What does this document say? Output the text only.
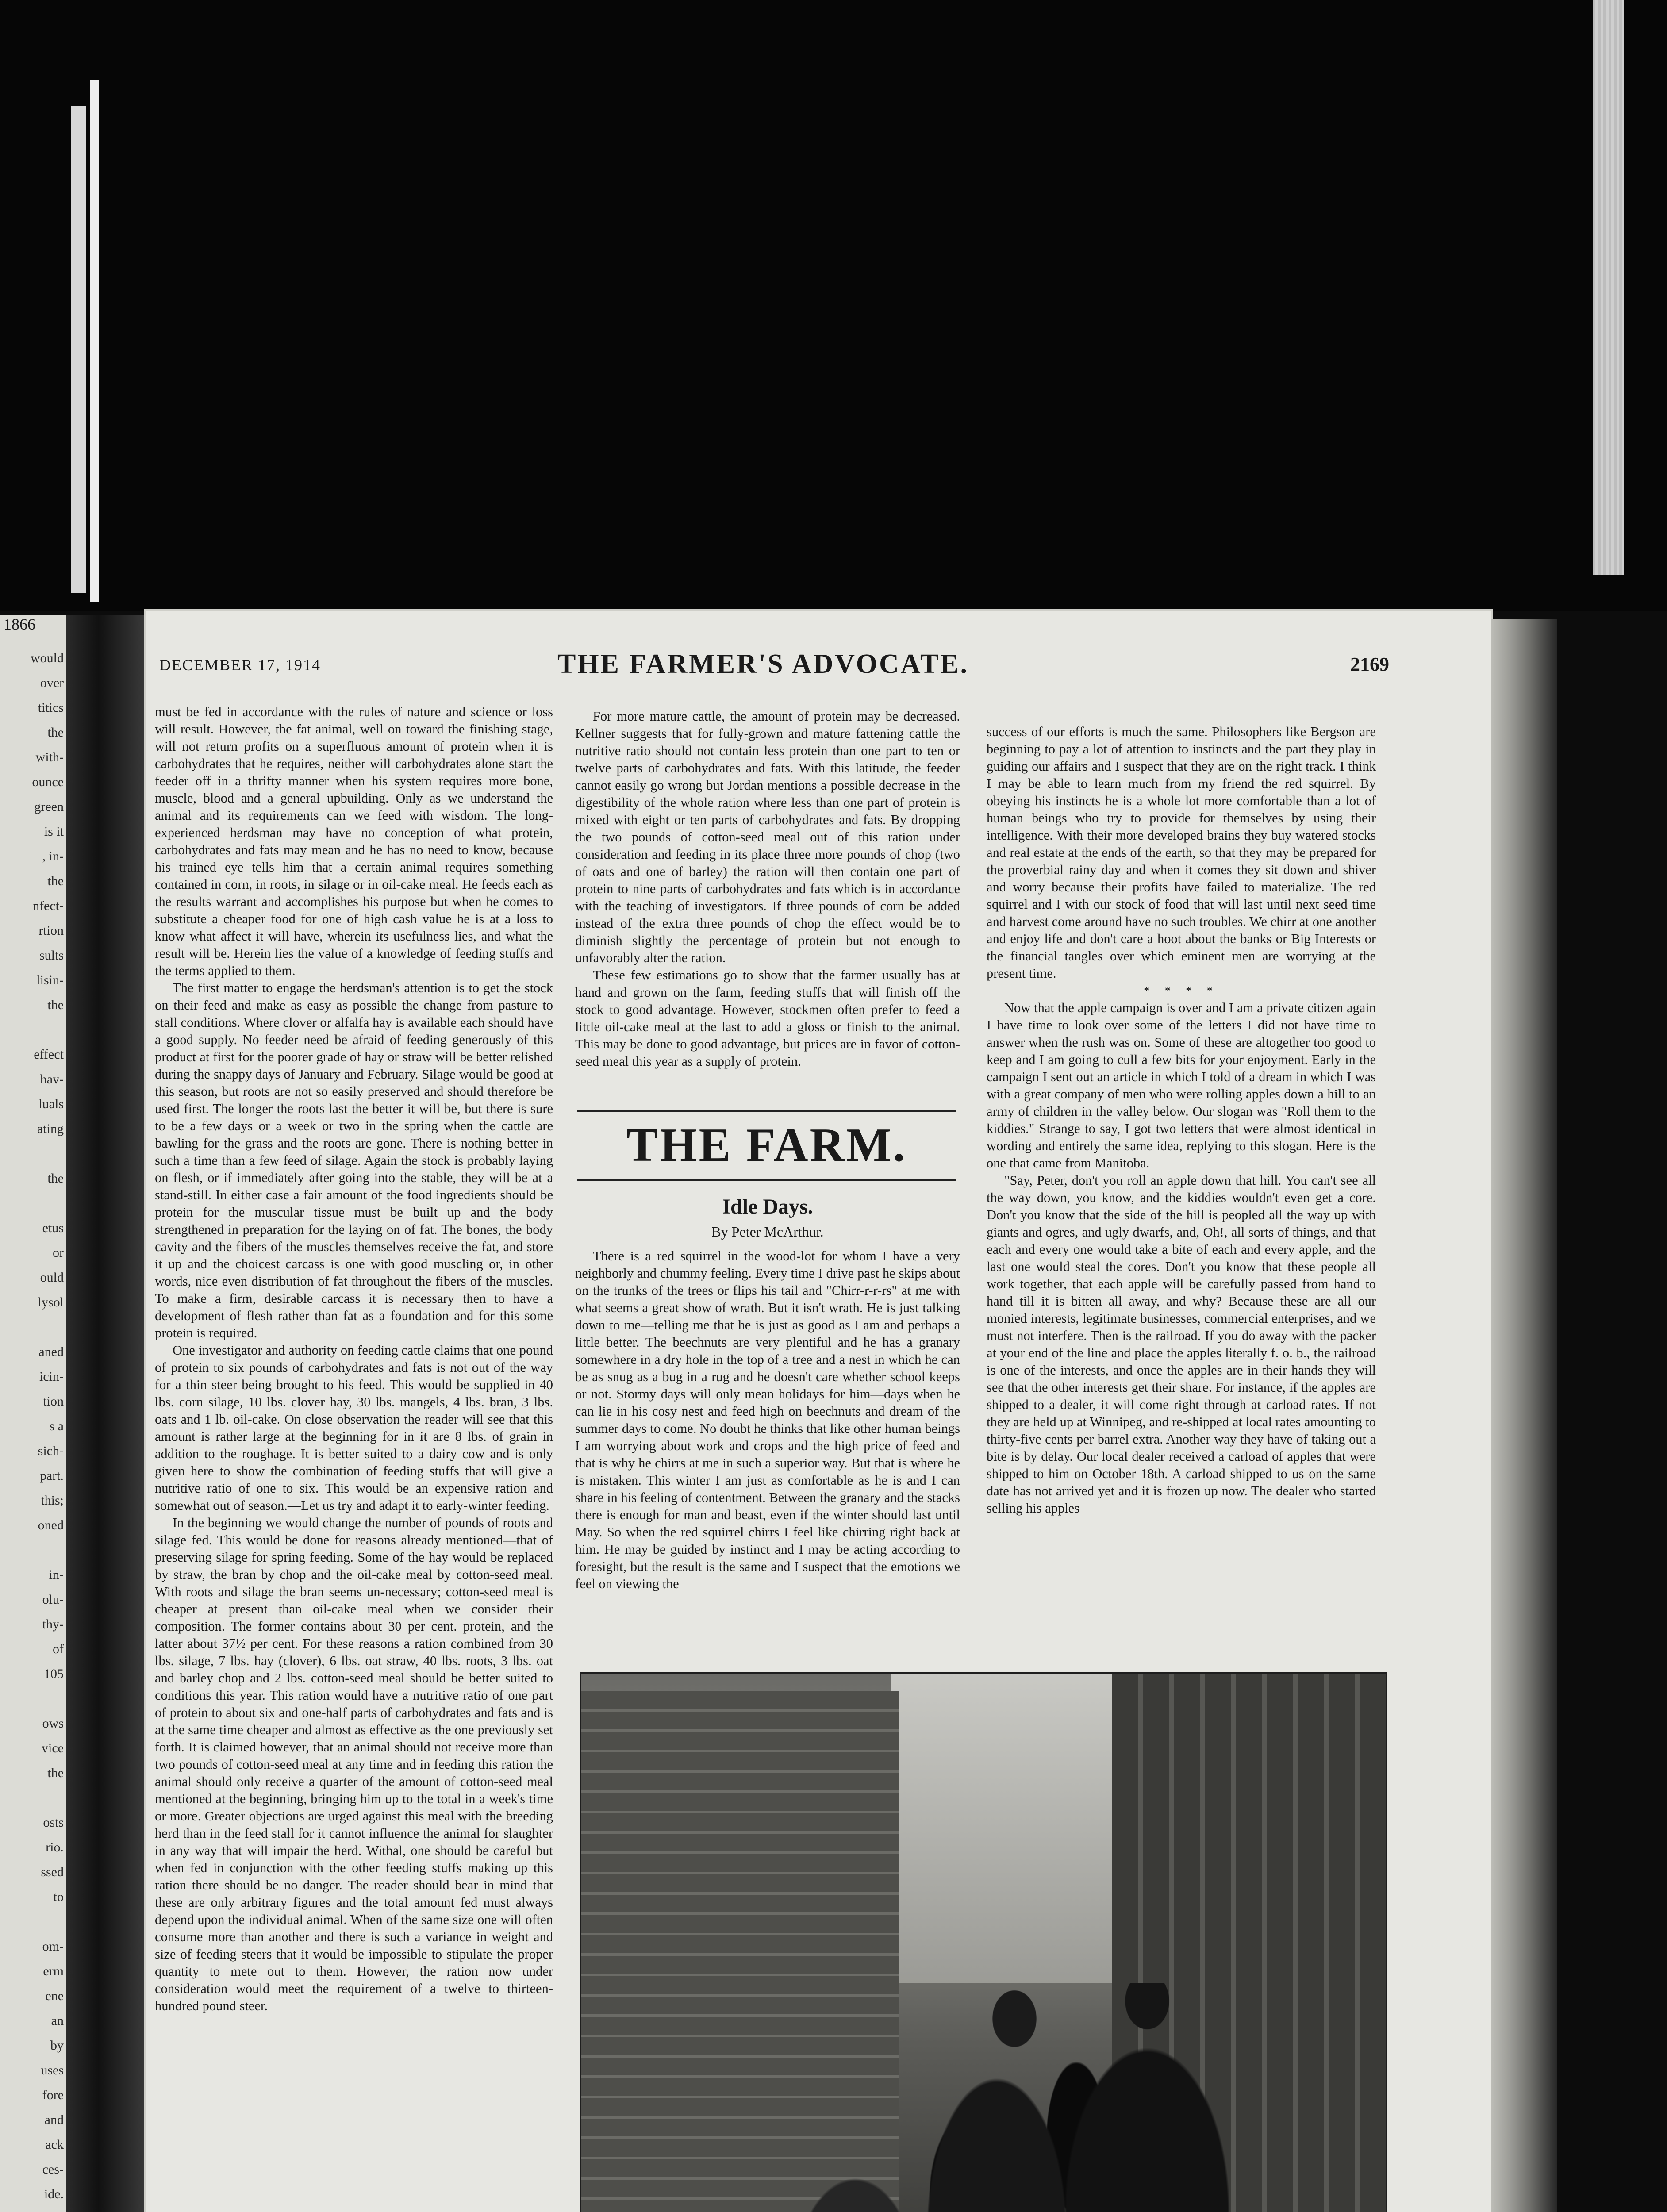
1866
would
over
titics
the
with-
ounce
green
is it
, in-
the
nfect-
rtion
sults
lisin-
the

effect
hav-
luals
ating

the

etus
or
ould
lysol

aned
icin-
tion
s a
sich-
part.
this;
oned

in-
olu-
thy-
of
105

ows
vice
the

osts
rio.
ssed
to

om-
erm
ene
an
by
uses
fore
and
ack
ces-
ide.

DECEMBER 17, 1914	THE FARMER'S ADVOCATE.	2169

must be fed in accordance with the rules of nature and science or loss will result. However, the fat animal, well on toward the finishing stage, will not return profits on a superfluous amount of protein when it is carbohydrates that he requires, neither will carbohydrates alone start the feeder off in a thrifty manner when his system requires more bone, muscle, blood and a general upbuilding. Only as we understand the animal and its requirements can we feed with wisdom. The long-experienced herdsman may have no conception of what protein, carbohydrates and fats may mean and he has no need to know, because his trained eye tells him that a certain animal requires something contained in corn, in roots, in silage or in oil-cake meal. He feeds each as the results warrant and accomplishes his purpose but when he comes to substitute a cheaper food for one of high cash value he is at a loss to know what affect it will have, wherein its usefulness lies, and what the result will be. Herein lies the value of a knowledge of feeding stuffs and the terms applied to them.

The first matter to engage the herdsman's attention is to get the stock on their feed and make as easy as possible the change from pasture to stall conditions. Where clover or alfalfa hay is available each should have a good supply. No feeder need be afraid of feeding generously of this product at first for the poorer grade of hay or straw will be better relished during the snappy days of January and February. Silage would be good at this season, but roots are not so easily preserved and should therefore be used first. The longer the roots last the better it will be, but there is sure to be a few days or a week or two in the spring when the cattle are bawling for the grass and the roots are gone. There is nothing better in such a time than a few feed of silage. Again the stock is probably laying on flesh, or if immediately after going into the stable, they will be at a stand-still. In either case a fair amount of the food ingredients should be protein for the muscular tissue must be built up and the body strengthened in preparation for the laying on of fat. The bones, the body cavity and the fibers of the muscles themselves receive the fat, and store it up and the choicest carcass is one with good muscling or, in other words, nice even distribution of fat throughout the fibers of the muscles. To make a firm, desirable carcass it is necessary then to have a development of flesh rather than fat as a foundation and for this some protein is required.

One investigator and authority on feeding cattle claims that one pound of protein to six pounds of carbohydrates and fats is not out of the way for a thin steer being brought to his feed. This would be supplied in 40 lbs. corn silage, 10 lbs. clover hay, 30 lbs. mangels, 4 lbs. bran, 3 lbs. oats and 1 lb. oil-cake. On close observation the reader will see that this amount is rather large at the beginning for in it are 8 lbs. of grain in addition to the roughage. It is better suited to a dairy cow and is only given here to show the combination of feeding stuffs that will give a nutritive ratio of one to six. This would be an expensive ration and somewhat out of season.—Let us try and adapt it to early-winter feeding.

In the beginning we would change the number of pounds of roots and silage fed. This would be done for reasons already mentioned—that of preserving silage for spring feeding. Some of the hay would be replaced by straw, the bran by chop and the oil-cake meal by cotton-seed meal. With roots and silage the bran seems un-necessary; cotton-seed meal is cheaper at present than oil-cake meal when we consider their composition. The former contains about 30 per cent. protein, and the latter about 37½ per cent. For these reasons a ration combined from 30 lbs. silage, 7 lbs. hay (clover), 6 lbs. oat straw, 40 lbs. roots, 3 lbs. oat and barley chop and 2 lbs. cotton-seed meal should be better suited to conditions this year. This ration would have a nutritive ratio of one part of protein to about six and one-half parts of carbohydrates and fats and is at the same time cheaper and almost as effective as the one previously set forth. It is claimed however, that an animal should not receive more than two pounds of cotton-seed meal at any time and in feeding this ration the animal should only receive a quarter of the amount of cotton-seed meal mentioned at the beginning, bringing him up to the total in a week's time or more. Greater objections are urged against this meal with the breeding herd than in the feed stall for it cannot influence the animal for slaughter in any way that will impair the herd. Withal, one should be careful but when fed in conjunction with the other feeding stuffs making up this ration there should be no danger. The reader should bear in mind that these are only arbitrary figures and the total amount fed must always depend upon the individual animal. When of the same size one will often consume more than another and there is such a variance in weight and size of feeding steers that it would be impossible to stipulate the proper quantity to mete out to them. However, the ration now under consideration would meet the requirement of a twelve to thirteen-hundred pound steer.

For more mature cattle, the amount of protein may be decreased. Kellner suggests that for fully-grown and mature fattening cattle the nutritive ratio should not contain less protein than one part to ten or twelve parts of carbohydrates and fats. With this latitude, the feeder cannot easily go wrong but Jordan mentions a possible decrease in the digestibility of the whole ration where less than one part of protein is mixed with eight or ten parts of carbohydrates and fats. By dropping the two pounds of cotton-seed meal out of this ration under consideration and feeding in its place three more pounds of chop (two of oats and one of barley) the ration will then contain one part of protein to nine parts of carbohydrates and fats which is in accordance with the teaching of investigators. If three pounds of corn be added instead of the extra three pounds of chop the effect would be to diminish slightly the percentage of protein but not enough to unfavorably alter the ration.

These few estimations go to show that the farmer usually has at hand and grown on the farm, feeding stuffs that will finish off the stock to good advantage. However, stockmen often prefer to feed a little oil-cake meal at the last to add a gloss or finish to the animal. This may be done to good advantage, but prices are in favor of cotton-seed meal this year as a supply of protein.

THE FARM.
Idle Days.
By Peter McArthur.

There is a red squirrel in the wood-lot for whom I have a very neighborly and chummy feeling. Every time I drive past he skips about on the trunks of the trees or flips his tail and "Chirr-r-r-rs" at me with what seems a great show of wrath. But it isn't wrath. He is just talking down to me—telling me that he is just as good as I am and perhaps a little better. The beechnuts are very plentiful and he has a granary somewhere in a dry hole in the top of a tree and a nest in which he can be as snug as a bug in a rug and he doesn't care whether school keeps or not. Stormy days will only mean holidays for him—days when he can lie in his cosy nest and feed high on beechnuts and dream of the summer days to come. No doubt he thinks that like other human beings I am worrying about work and crops and the high price of feed and that is why he chirrs at me in such a superior way. But that is where he is mistaken. This winter I am just as comfortable as he is and I can share in his feeling of contentment. Between the granary and the stacks there is enough for man and beast, even if the winter should last until May. So when the red squirrel chirrs I feel like chirring right back at him. He may be guided by instinct and I may be acting according to foresight, but the result is the same and I suspect that the emotions we feel on viewing the

success of our efforts is much the same. Philosophers like Bergson are beginning to pay a lot of attention to instincts and the part they play in guiding our affairs and I suspect that they are on the right track. I think I may be able to learn much from my friend the red squirrel. By obeying his instincts he is a whole lot more comfortable than a lot of human beings who try to provide for themselves by using their intelligence. With their more developed brains they buy watered stocks and real estate at the ends of the earth, so that they may be prepared for the proverbial rainy day and when it comes they sit down and shiver and worry because their profits have failed to materialize. The red squirrel and I with our stock of food that will last until next seed time and harvest come around have no such troubles. We chirr at one another and enjoy life and don't care a hoot about the banks or Big Interests or the financial tangles over which eminent men are worrying at the present time.

* * * *

Now that the apple campaign is over and I am a private citizen again I have time to look over some of the letters I did not have time to answer when the rush was on. Some of these are altogether too good to keep and I am going to cull a few bits for your enjoyment. Early in the campaign I sent out an article in which I told of a dream in which I was with a great company of men who were rolling apples down a hill to an army of children in the valley below. Our slogan was "Roll them to the kiddies." Strange to say, I got two letters that were almost identical in wording and entirely the same idea, replying to this slogan. Here is the one that came from Manitoba.

"Say, Peter, don't you roll an apple down that hill. You can't see all the way down, you know, and the kiddies wouldn't even get a core. Don't you know that the side of the hill is peopled all the way up with giants and ogres, and ugly dwarfs, and, Oh!, all sorts of things, and that each and every one would take a bite of each and every apple, and the last one would steal the cores. Don't you know that these people all work together, that each apple will be carefully passed from hand to hand till it is bitten all away, and why? Because these are all our monied interests, legitimate businesses, commercial enterprises, and we must not interfere. Then is the railroad. If you do away with the packer at your end of the line and place the apples literally f. o. b., the railroad is one of the interests, and once the apples are in their hands they will see that the other interests get their share. For instance, if the apples are shipped to a dealer, it will come right through at carload rates. If not they are held up at Winnipeg, and re-shipped at local rates amounting to thirty-five cents per barrel extra. Another way they have of taking out a bite is by delay. Our local dealer received a carload of apples that were shipped to him on October 18th. A carload shipped to us on the same date has not arrived yet and it is frozen up now. The dealer who started selling his apples
